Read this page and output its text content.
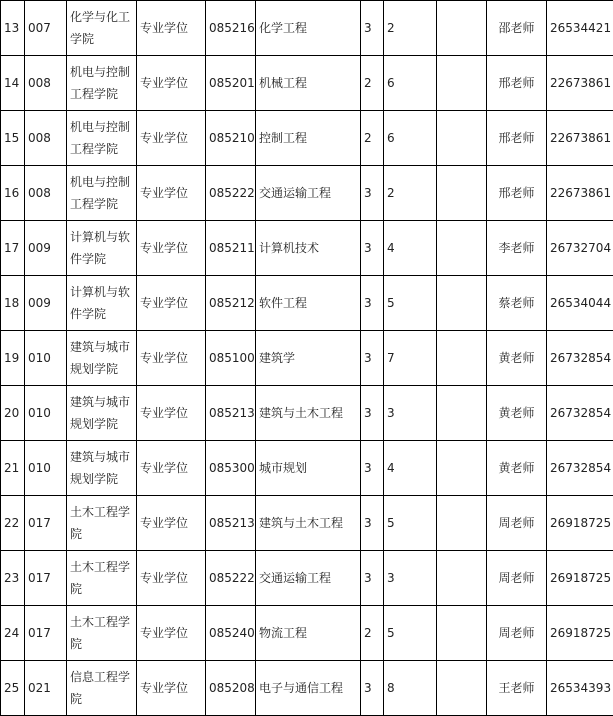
13	007	化学与化工学院	专业学位	085216	化学工程	3	2		邵老师	26534421
14	008	机电与控制工程学院	专业学位	085201	机械工程	2	6		邢老师	22673861
15	008	机电与控制工程学院	专业学位	085210	控制工程	2	6		邢老师	22673861
16	008	机电与控制工程学院	专业学位	085222	交通运输工程	3	2		邢老师	22673861
17	009	计算机与软件学院	专业学位	085211	计算机技术	3	4		李老师	26732704
18	009	计算机与软件学院	专业学位	085212	软件工程	3	5		蔡老师	26534044
19	010	建筑与城市规划学院	专业学位	085100	建筑学	3	7		黄老师	26732854
20	010	建筑与城市规划学院	专业学位	085213	建筑与土木工程	3	3		黄老师	26732854
21	010	建筑与城市规划学院	专业学位	085300	城市规划	3	4		黄老师	26732854
22	017	土木工程学院	专业学位	085213	建筑与土木工程	3	5		周老师	26918725
23	017	土木工程学院	专业学位	085222	交通运输工程	3	3		周老师	26918725
24	017	土木工程学院	专业学位	085240	物流工程	2	5		周老师	26918725
25	021	信息工程学院	专业学位	085208	电子与通信工程	3	8		王老师	26534393
